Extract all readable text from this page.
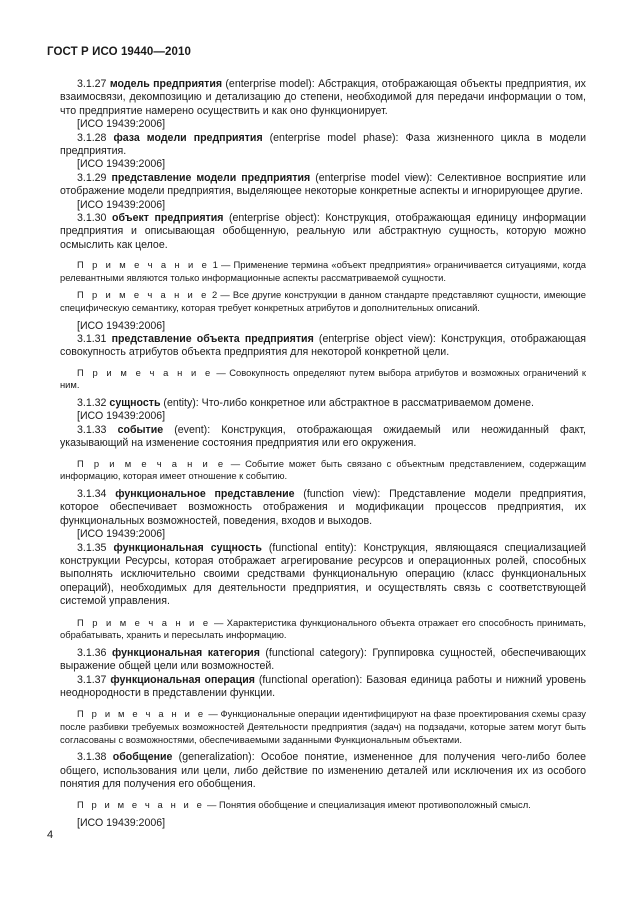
ГОСТ Р ИСО 19440—2010

3.1.27 модель предприятия (enterprise model): Абстракция, отображающая объекты предприятия, их взаимосвязи, декомпозицию и детализацию до степени, необходимой для передачи информации о том, что предприятие намерено осуществить и как оно функционирует.

[ИСО 19439:2006]

3.1.28 фаза модели предприятия (enterprise model phase): Фаза жизненного цикла в модели предприятия.

[ИСО 19439:2006]

3.1.29 представление модели предприятия (enterprise model view): Селективное восприятие или отображение модели предприятия, выделяющее некоторые конкретные аспекты и игнорирующее другие.

[ИСО 19439:2006]

3.1.30 объект предприятия (enterprise object): Конструкция, отображающая единицу информации предприятия и описывающая обобщенную, реальную или абстрактную сущность, которую можно осмыслить как целое.

П р и м е ч а н и е 1 — Применение термина «объект предприятия» ограничивается ситуациями, когда релевантными являются только информационные аспекты рассматриваемой сущности.

П р и м е ч а н и е 2 — Все другие конструкции в данном стандарте представляют сущности, имеющие специфическую семантику, которая требует конкретных атрибутов и дополнительных описаний.

[ИСО 19439:2006]

3.1.31 представление объекта предприятия (enterprise object view): Конструкция, отображающая совокупность атрибутов объекта предприятия для некоторой конкретной цели.

П р и м е ч а н и е — Совокупность определяют путем выбора атрибутов и возможных ограничений к ним.

3.1.32 сущность (entity): Что-либо конкретное или абстрактное в рассматриваемом домене.

[ИСО 19439:2006]

3.1.33 событие (event): Конструкция, отображающая ожидаемый или неожиданный факт, указывающий на изменение состояния предприятия или его окружения.

П р и м е ч а н и е — Событие может быть связано с объектным представлением, содержащим информацию, которая имеет отношение к событию.

3.1.34 функциональное представление (function view): Представление модели предприятия, которое обеспечивает возможность отображения и модификации процессов предприятия, их функциональных возможностей, поведения, входов и выходов.

[ИСО 19439:2006]

3.1.35 функциональная сущность (functional entity): Конструкция, являющаяся специализацией конструкции Ресурсы, которая отображает агрегирование ресурсов и операционных ролей, способных выполнять исключительно своими средствами функциональную операцию (класс функциональных операций), необходимых для деятельности предприятия, и осуществлять связь с соответствующей системой управления.

П р и м е ч а н и е — Характеристика функционального объекта отражает его способность принимать, обрабатывать, хранить и пересылать информацию.

3.1.36 функциональная категория (functional category): Группировка сущностей, обеспечивающих выражение общей цели или возможностей.

3.1.37 функциональная операция (functional operation): Базовая единица работы и нижний уровень неоднородности в представлении функции.

П р и м е ч а н и е — Функциональные операции идентифицируют на фазе проектирования схемы сразу после разбивки требуемых возможностей Деятельности предприятия (задач) на подзадачи, которые затем могут быть согласованы с возможностями, обеспечиваемыми заданными Функциональным объектами.

3.1.38 обобщение (generalization): Особое понятие, измененное для получения чего-либо более общего, использования или цели, либо действие по изменению деталей или исключения их из особого понятия для получения его обобщения.

П р и м е ч а н и е — Понятия обобщение и специализация имеют противоположный смысл.

[ИСО 19439:2006]

4
